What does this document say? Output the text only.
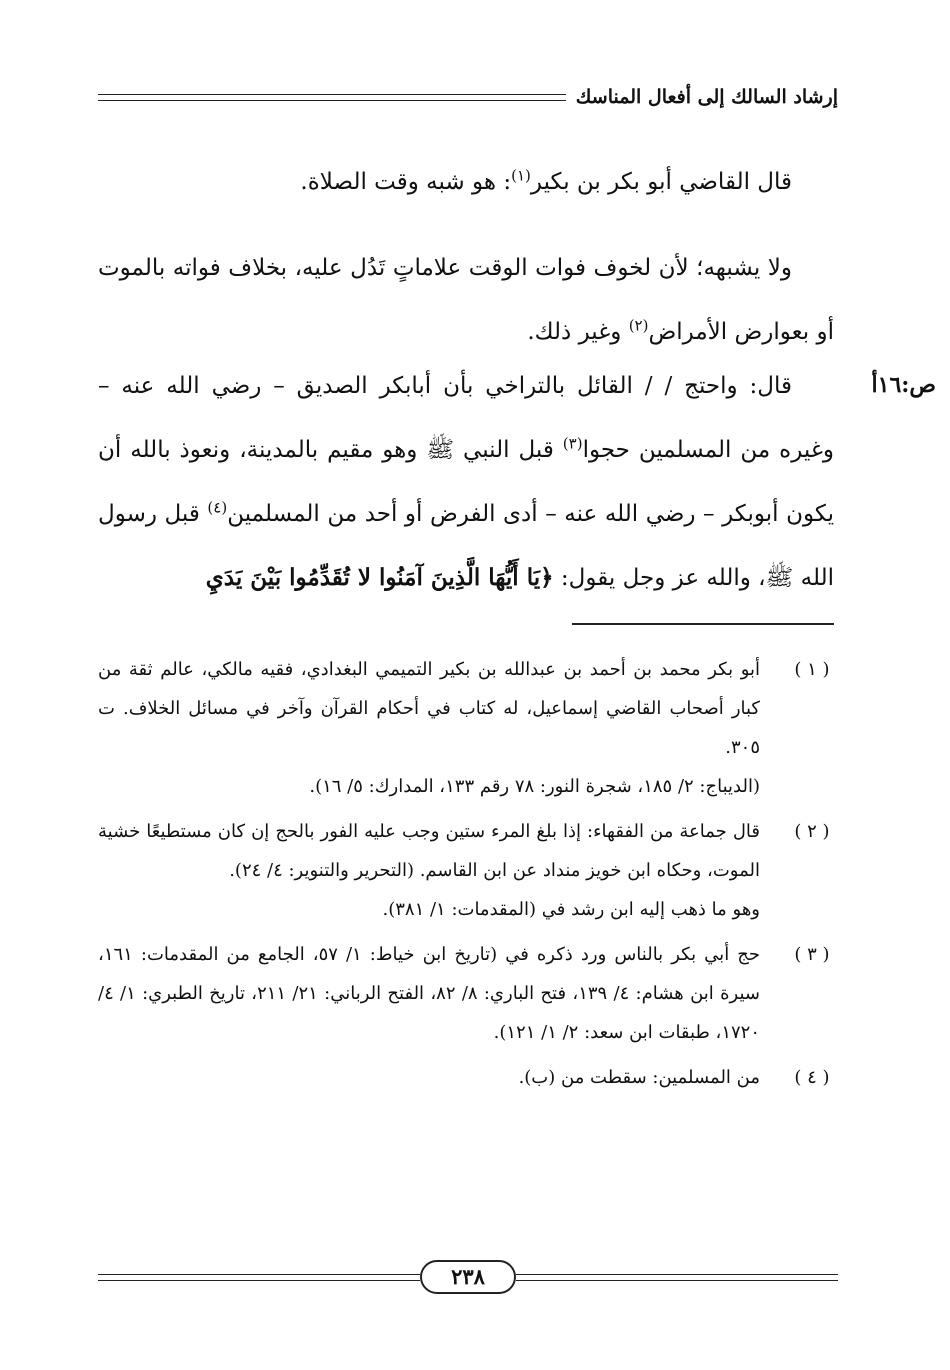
إرشاد السالك إلى أفعال المناسك

قال القاضي أبو بكر بن بكير$^{(١)}$: هو شبه وقت الصلاة.

ولا يشبهه؛ لأن لخوف فوات الوقت علاماتٍ تَدُل عليه، بخلاف فواته بالموت أو بعوارض الأمراض$^{(٢)}$ وغير ذلك.

ص:١٦أ

قال: واحتج / / القائل بالتراخي بأن أبابكر الصديق – رضي الله عنه – وغيره من المسلمين حجوا$^{(٣)}$ قبل النبي ﷺ وهو مقيم بالمدينة، ونعوذ بالله أن يكون أبوبكر – رضي الله عنه – أدى الفرض أو أحد من المسلمين$^{(٤)}$ قبل رسول الله ﷺ، والله عز وجل يقول: ﴿يَا أَيُّهَا الَّذِينَ آمَنُوا لا تُقَدِّمُوا بَيْنَ يَدَيِ

( ١ )

أبو بكر محمد بن أحمد بن عبدالله بن بكير التميمي البغدادي، فقيه مالكي، عالم ثقة من كبار أصحاب القاضي إسماعيل، له كتاب في أحكام القرآن وآخر في مسائل الخلاف. ت ٣٠٥.

(الديباج: ٢/ ١٨٥، شجرة النور: ٧٨ رقم ١٣٣، المدارك: ٥/ ١٦).

( ٢ )

قال جماعة من الفقهاء: إذا بلغ المرء ستين وجب عليه الفور بالحج إن كان مستطيعًا خشية الموت، وحكاه ابن خويز منداد عن ابن القاسم. (التحرير والتنوير: ٤/ ٢٤).

وهو ما ذهب إليه ابن رشد في (المقدمات: ١/ ٣٨١).

( ٣ )

حج أبي بكر بالناس ورد ذكره في (تاريخ ابن خياط: ١/ ٥٧، الجامع من المقدمات: ١٦١، سيرة ابن هشام: ٤/ ١٣٩، فتح الباري: ٨/ ٨٢، الفتح الرباني: ٢١/ ٢١١، تاريخ الطبري: ١/ ٤/ ١٧٢٠، طبقات ابن سعد: ٢/ ١/ ١٢١).

( ٤ )

من المسلمين: سقطت من (ب).

٢٣٨
